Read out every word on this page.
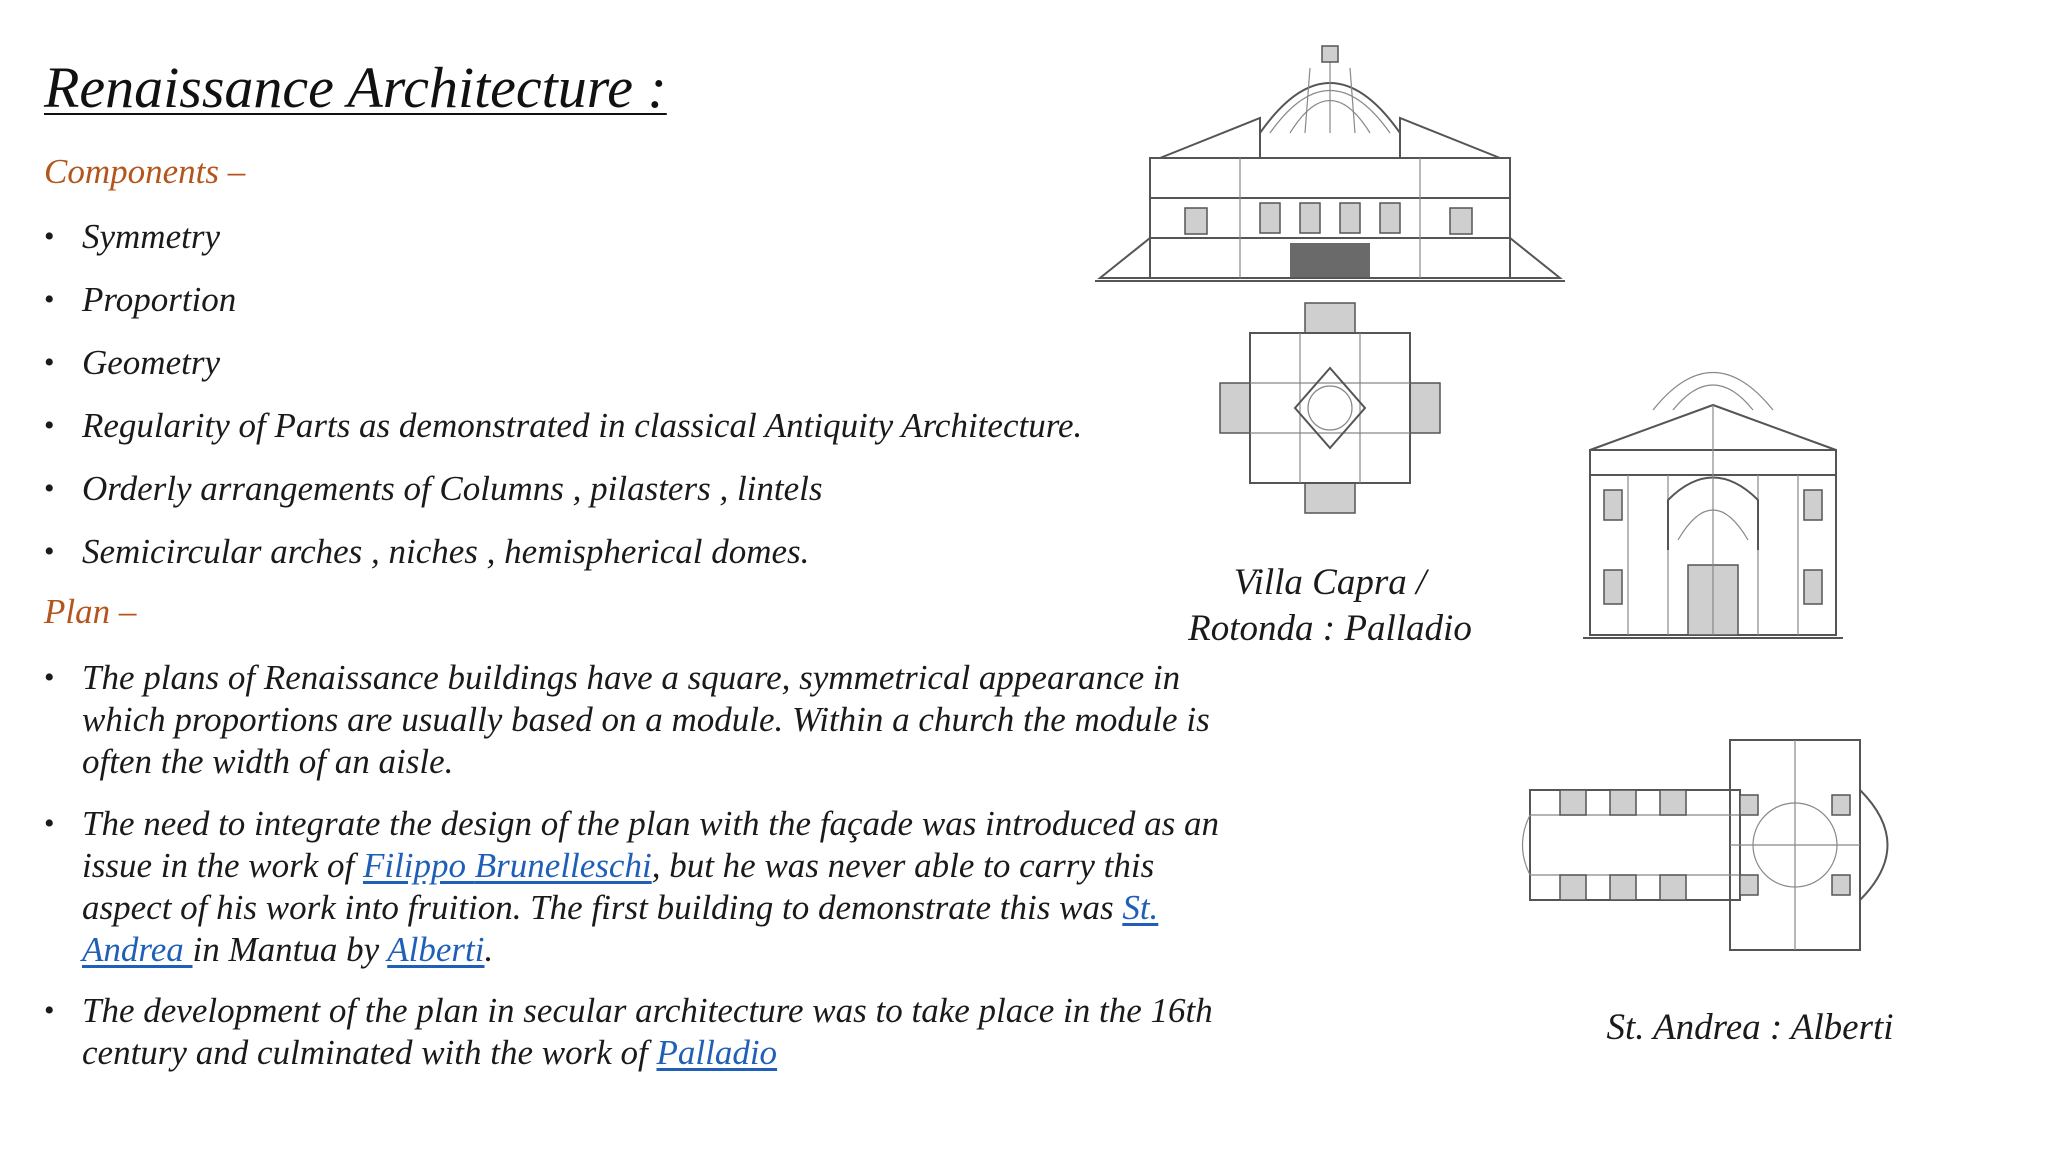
Renaissance Architecture :
Components –
• Symmetry
• Proportion
• Geometry
• Regularity of Parts as demonstrated in classical Antiquity Architecture.
• Orderly arrangements of Columns , pilasters , lintels
• Semicircular arches , niches , hemispherical domes.
Plan –
• The plans of Renaissance buildings have a square, symmetrical appearance in which proportions are usually based on a module. Within a church the module is often the width of an aisle.
• The need to integrate the design of the plan with the façade was introduced as an issue in the work of Filippo Brunelleschi, but he was never able to carry this aspect of his work into fruition. The first building to demonstrate this was St. Andrea in Mantua by Alberti.
• The development of the plan in secular architecture was to take place in the 16th century and culminated with the work of Palladio
Villa Capra /
Rotonda : Palladio
St. Andrea : Alberti
